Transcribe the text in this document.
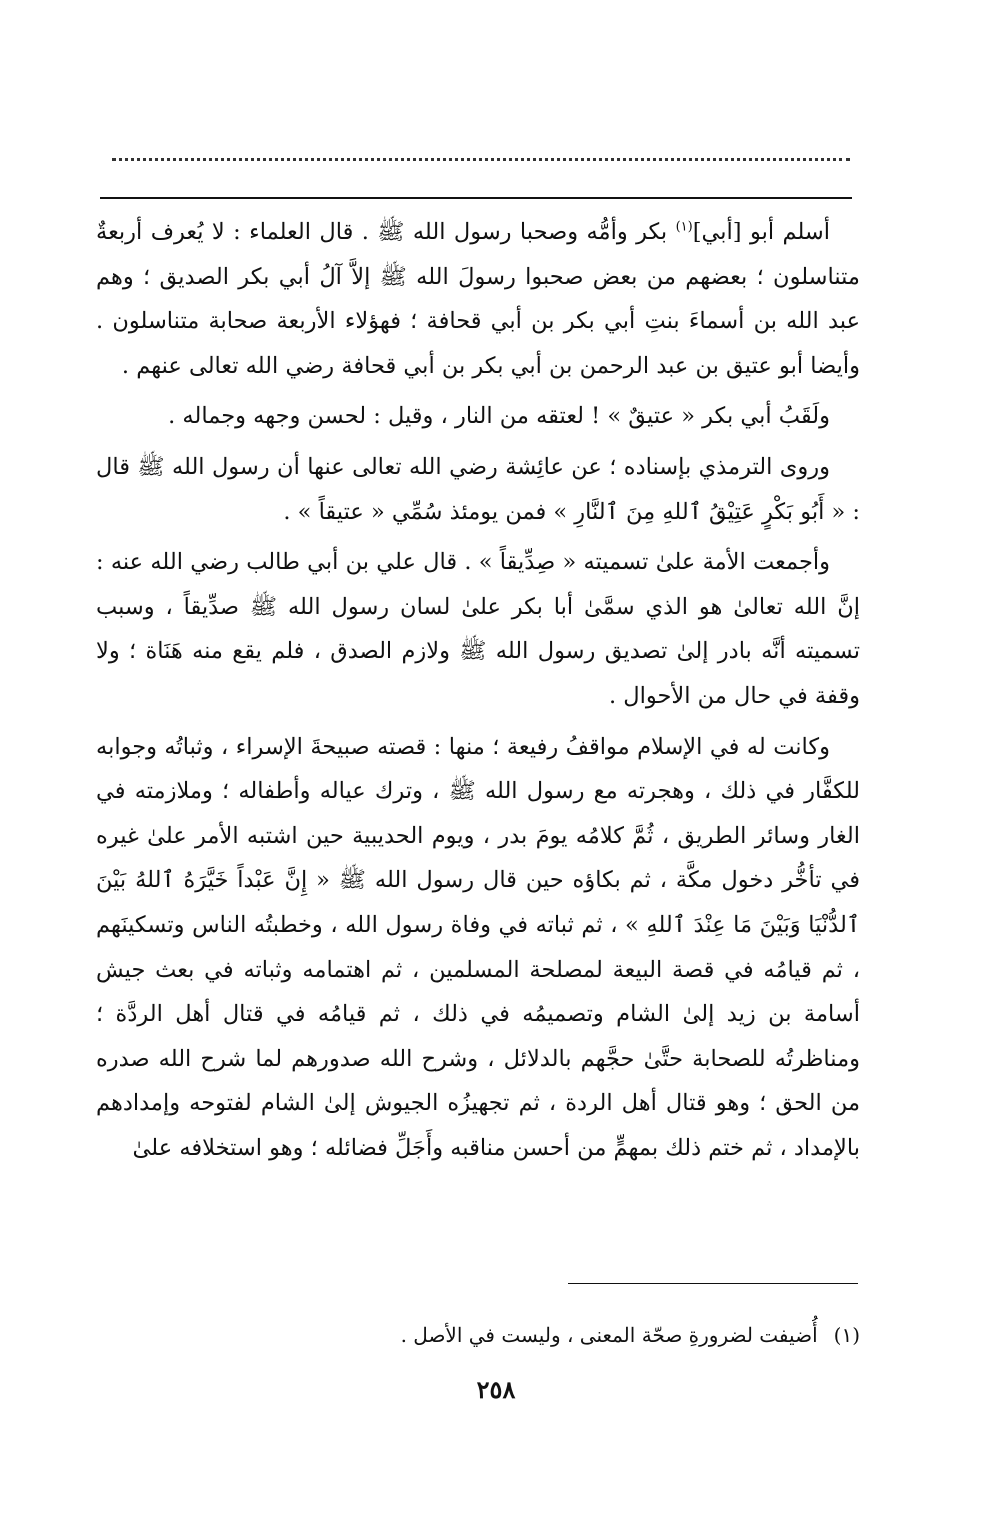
أسلم أبو [أبي]$^{(١)}$ بكر وأمُّه وصحبا رسول الله ﷺ . قال العلماء : لا يُعرف أربعةٌ متناسلون ؛ بعضهم من بعض صحبوا رسولَ الله ﷺ إلاَّ آلُ أبي بكر الصديق ؛ وهم عبد الله بن أسماءَ بنتِ أبي بكر بن أبي قحافة ؛ فهؤلاء الأربعة صحابة متناسلون . وأيضا أبو عتيق بن عبد الرحمن بن أبي بكر بن أبي قحافة رضي الله تعالى عنهم .

ولَقَبُ أبي بكر « عتيقٌ » ! لعتقه من النار ، وقيل : لحسن وجهه وجماله .

وروى الترمذي بإسناده ؛ عن عائِشة رضي الله تعالى عنها أن رسول الله ﷺ قال : « أَبُو بَكْرٍ عَتِيْقُ ٱللهِ مِنَ ٱلنَّارِ » فمن يومئذ سُمِّي « عتيقاً » .

وأجمعت الأمة علىٰ تسميته « صِدِّيقاً » . قال علي بن أبي طالب رضي الله عنه : إنَّ الله تعالىٰ هو الذي سمَّىٰ أبا بكر علىٰ لسان رسول الله ﷺ صدِّيقاً ، وسبب تسميته أنَّه بادر إلىٰ تصديق رسول الله ﷺ ولازم الصدق ، فلم يقع منه هَنَاة ؛ ولا وقفة في حال من الأحوال .

وكانت له في الإسلام مواقفُ رفيعة ؛ منها : قصته صبيحةَ الإسراء ، وثباتُه وجوابه للكفَّار في ذلك ، وهجرته مع رسول الله ﷺ ، وترك عياله وأطفاله ؛ وملازمته في الغار وسائر الطريق ، ثُمَّ كلامُه يومَ بدر ، ويوم الحديبية حين اشتبه الأمر علىٰ غيره في تأخُّر دخول مكَّة ، ثم بكاؤه حين قال رسول الله ﷺ « إِنَّ عَبْداً خَيَّرَهُ ٱللهُ بَيْنَ ٱلدُّنْيَا وَبَيْنَ مَا عِنْدَ ٱللهِ » ، ثم ثباته في وفاة رسول الله ، وخطبتُه الناس وتسكينَهم ، ثم قيامُه في قصة البيعة لمصلحة المسلمين ، ثم اهتمامه وثباته في بعث جيش أسامة بن زيد إلىٰ الشام وتصميمُه في ذلك ، ثم قيامُه في قتال أهل الردَّة ؛ ومناظرتُه للصحابة حتَّىٰ حجَّهم بالدلائل ، وشرح الله صدورهم لما شرح الله صدره من الحق ؛ وهو قتال أهل الردة ، ثم تجهيزُه الجيوش إلىٰ الشام لفتوحه وإمدادهم بالإمداد ، ثم ختم ذلك بمهمٍّ من أحسن مناقبه وأَجَلِّ فضائله ؛ وهو استخلافه علىٰ

(١)أُضيفت لضرورةِ صحّة المعنى ، وليست في الأصل .
٢٥٨
